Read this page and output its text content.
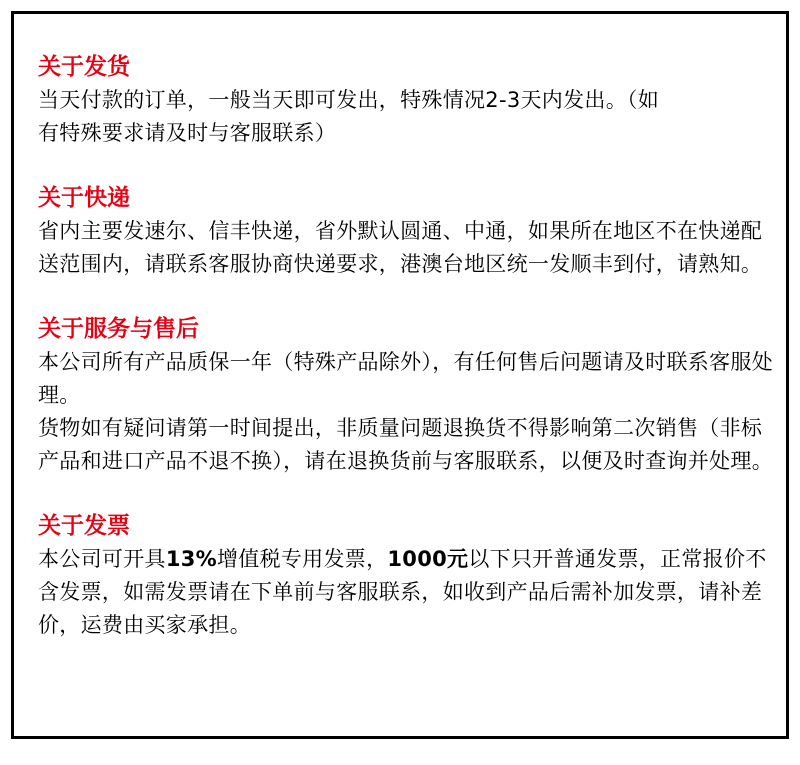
关于发货

当天付款的订单，一般当天即可发出，特殊情况2-3天内发出。（如有特殊要求请及时与客服联系）

关于快递

省内主要发速尔、信丰快递，省外默认圆通、中通，如果所在地区不在快递配送范围内，请联系客服协商快递要求，港澳台地区统一发顺丰到付，请熟知。

关于服务与售后

本公司所有产品质保一年（特殊产品除外），有任何售后问题请及时联系客服处理。

货物如有疑问请第一时间提出，非质量问题退换货不得影响第二次销售（非标产品和进口产品不退不换），请在退换货前与客服联系，以便及时查询并处理。

关于发票

本公司可开具13%增值税专用发票，1000元以下只开普通发票，正常报价不含发票，如需发票请在下单前与客服联系，如收到产品后需补加发票，请补差价，运费由买家承担。
